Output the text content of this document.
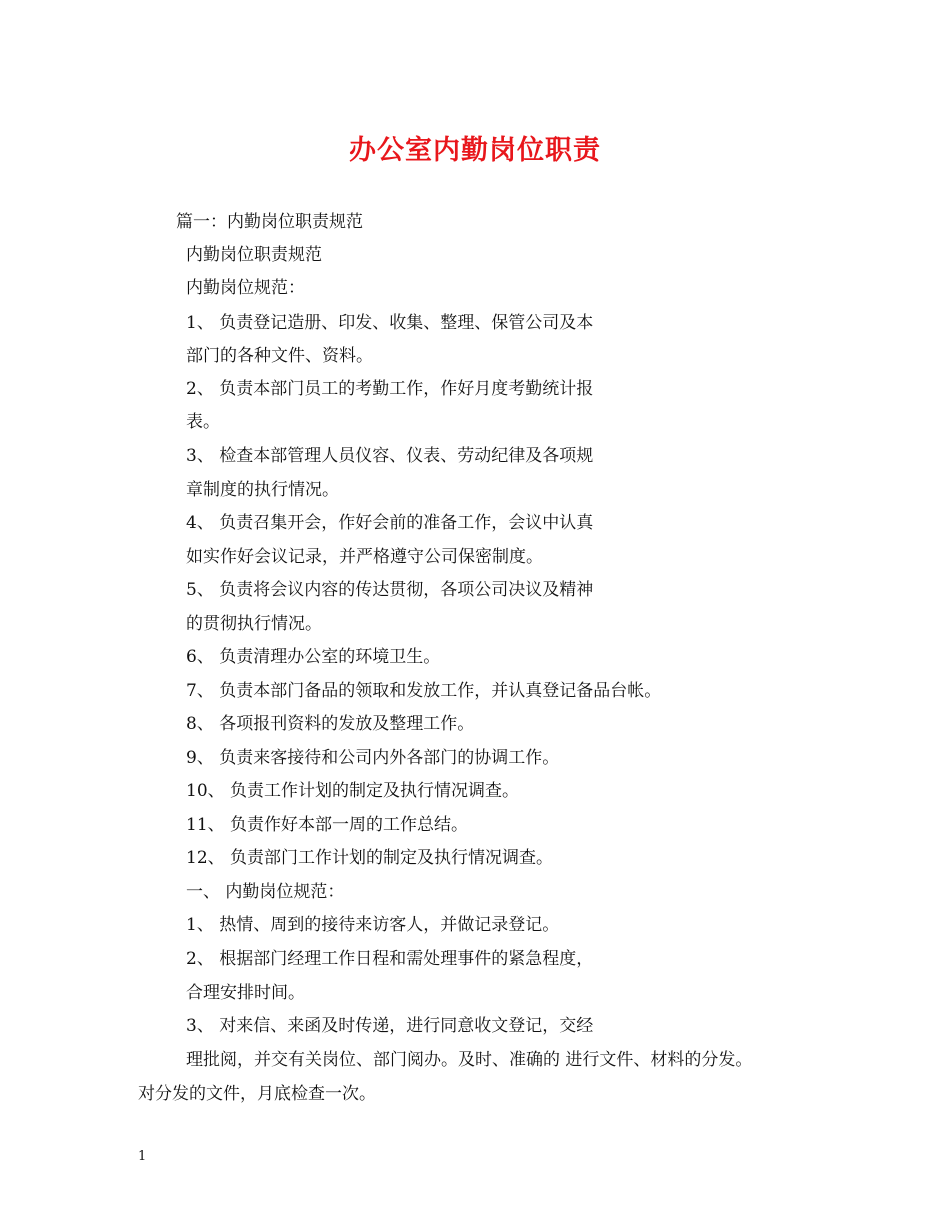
办公室内勤岗位职责
篇一：内勤岗位职责规范
内勤岗位职责规范
内勤岗位规范：
1、 负责登记造册、印发、收集、整理、保管公司及本
部门的各种文件、资料。
2、 负责本部门员工的考勤工作，作好月度考勤统计报
表。
3、 检查本部管理人员仪容、仪表、劳动纪律及各项规
章制度的执行情况。
4、 负责召集开会，作好会前的准备工作，会议中认真
如实作好会议记录，并严格遵守公司保密制度。
5、 负责将会议内容的传达贯彻，各项公司决议及精神
的贯彻执行情况。
6、 负责清理办公室的环境卫生。
7、 负责本部门备品的领取和发放工作，并认真登记备品台帐。
8、 各项报刊资料的发放及整理工作。
9、 负责来客接待和公司内外各部门的协调工作。
10、 负责工作计划的制定及执行情况调查。
11、 负责作好本部一周的工作总结。
12、 负责部门工作计划的制定及执行情况调查。
一、 内勤岗位规范：
1、 热情、周到的接待来访客人，并做记录登记。
2、 根据部门经理工作日程和需处理事件的紧急程度，
合理安排时间。
3、 对来信、来函及时传递，进行同意收文登记，交经
理批阅，并交有关岗位、部门阅办。及时、准确的 进行文件、材料的分发。
对分发的文件，月底检查一次。
1
